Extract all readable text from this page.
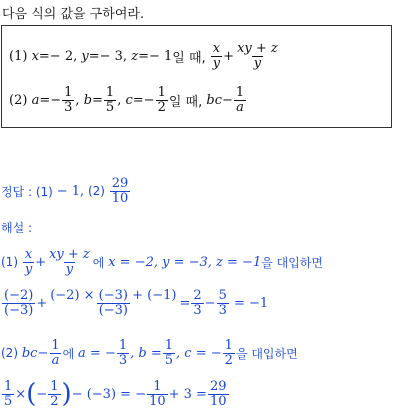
다음 식의 값을 구하여라.
(1)
x =− 2,
y =− 3,
z =− 1 일 때,
$\frac{x}{y} + \frac{xy + z}{y}$
(2)
$a =- \frac{1}{3}$ ,
$b = \frac{1}{5}$ ,
$c =- \frac{1}{2}$ 일 때,
bc − $\frac{1}{a}$
정답 : (1)
− 1,
(2)
$\frac{29}{10}$
해설 :
(1)
$\frac{x}{y} + \frac{xy + z}{y}$ 에
x = −2, y = −3, z = −1 을 대입하면
$\frac{(-2)}{(-3)} + \frac{(-2) \times (-3) + (-1)}{(-3)} = \frac{2}{3} - \frac{5}{3}$
= −1
(2)
bc − $\frac{1}{a}$ 에
a = − $\frac{1}{3}$ , $b = \frac{1}{5}$ , c = − $\frac{1}{2}$ 을 대입하면
$\frac{1}{5}$ × ( − $\frac{1}{2}$ ) − (−3) = − $\frac{1}{10} + 3 = \frac{29}{10}$
